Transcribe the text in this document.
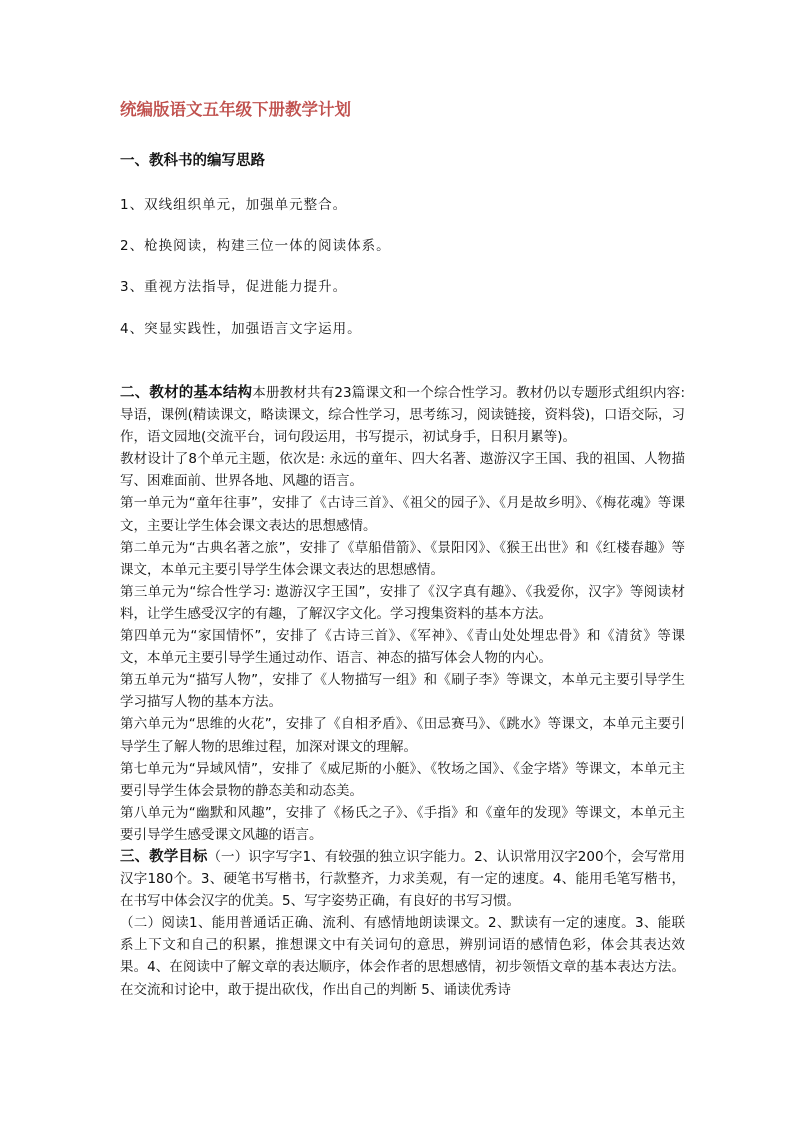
统编版语文五年级下册教学计划
一、教科书的编写思路

1、双线组织单元，加强单元整合。

2、枪换阅读，构建三位一体的阅读体系。

3、重视方法指导，促进能力提升。

4、突显实践性，加强语言文字运用。

二、教材的基本结构本册教材共有23篇课文和一个综合性学习。教材仍以专题形式组织内容:导语，课例(精读课文，略读课文，综合性学习，思考练习，阅读链接，资料袋)，口语交际，习作，语文园地(交流平台，词句段运用，书写提示，初试身手，日积月累等)。

教材设计了8个单元主题，依次是: 永远的童年、四大名著、遨游汉字王国、我的祖国、人物描写、困难面前、世界各地、风趣的语言。

第一单元为“童年往事”，安排了《古诗三首》、《祖父的园子》、《月是故乡明》、《梅花魂》等课文，主要让学生体会课文表达的思想感情。

第二单元为“古典名著之旅”，安排了《草船借箭》、《景阳冈》、《猴王出世》和《红楼春趣》等课文，本单元主要引导学生体会课文表达的思想感情。

第三单元为“综合性学习: 遨游汉字王国”，安排了《汉字真有趣》、《我爱你，汉字》等阅读材料，让学生感受汉字的有趣，了解汉字文化。学习搜集资料的基本方法。

第四单元为“家国情怀”，安排了《古诗三首》、《军神》、《青山处处埋忠骨》和《清贫》等课文，本单元主要引导学生通过动作、语言、神态的描写体会人物的内心。

第五单元为“描写人物”，安排了《人物描写一组》和《刷子李》等课文，本单元主要引导学生学习描写人物的基本方法。

第六单元为“思维的火花”，安排了《自相矛盾》、《田忌赛马》、《跳水》等课文，本单元主要引导学生了解人物的思维过程，加深对课文的理解。

第七单元为“异域风情”，安排了《威尼斯的小艇》、《牧场之国》、《金字塔》等课文，本单元主要引导学生体会景物的静态美和动态美。

第八单元为“幽默和风趣”，安排了《杨氏之子》、《手指》和《童年的发现》等课文，本单元主要引导学生感受课文风趣的语言。

三、教学目标（一）识字写字1、有较强的独立识字能力。2、认识常用汉字200个，会写常用汉字180个。3、硬笔书写楷书，行款整齐，力求美观，有一定的速度。4、能用毛笔写楷书，在书写中体会汉字的优美。5、写字姿势正确，有良好的书写习惯。

（二）阅读1、能用普通话正确、流利、有感情地朗读课文。2、默读有一定的速度。3、能联系上下文和自己的积累，推想课文中有关词句的意思，辨别词语的感情色彩，体会其表达效果。4、在阅读中了解文章的表达顺序，体会作者的思想感情，初步领悟文章的基本表达方法。在交流和讨论中，敢于提出砍伐，作出自己的判断 5、诵读优秀诗
